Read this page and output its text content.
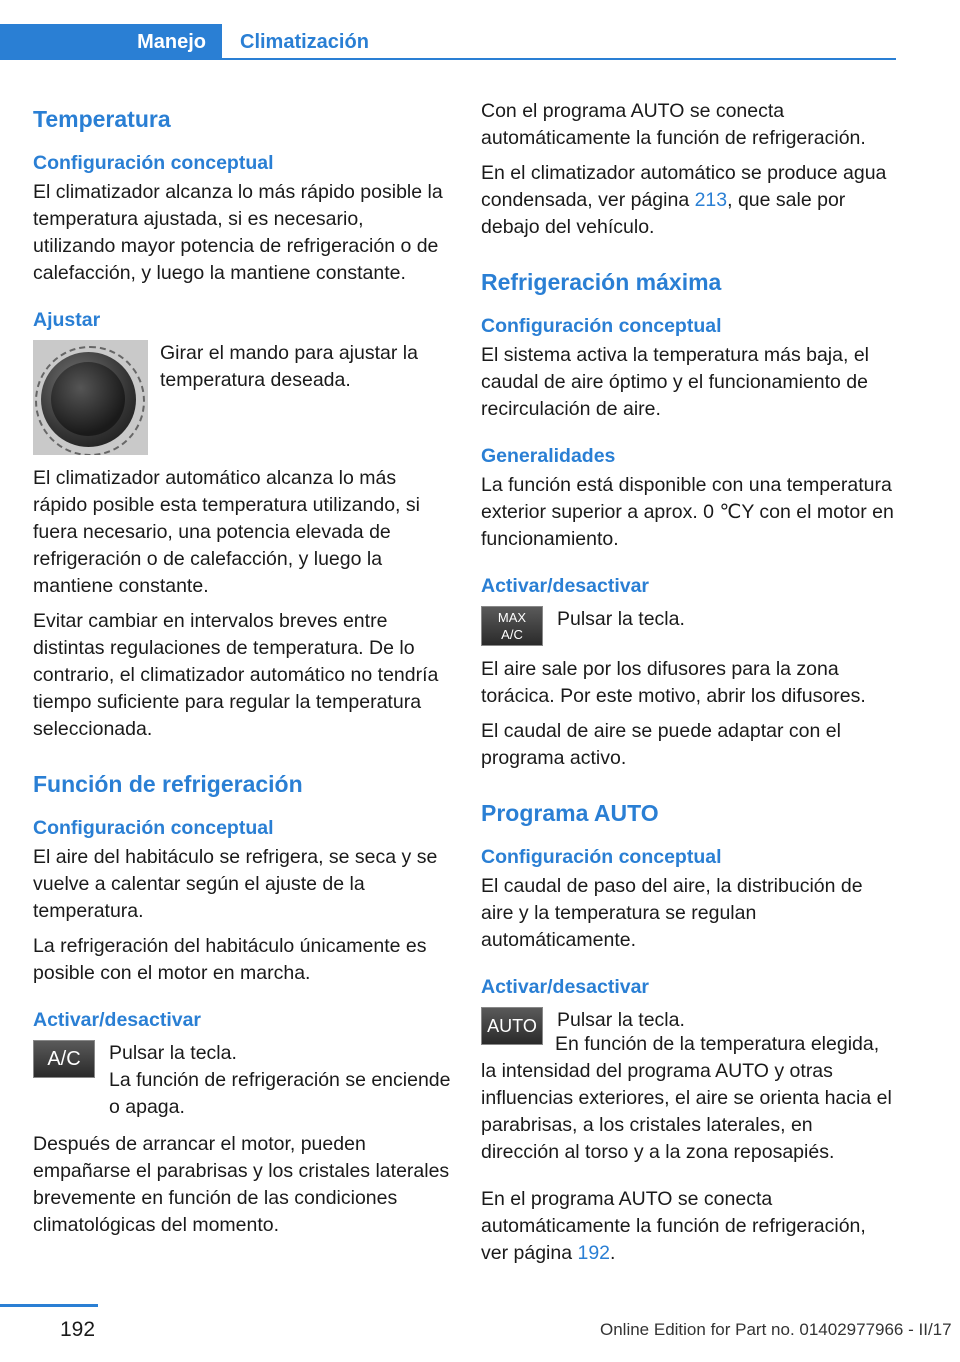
Manejo	Climatización
Temperatura
Configuración conceptual
El climatizador alcanza lo más rápido posible la temperatura ajustada, si es necesario, utilizando mayor potencia de refrigeración o de calefacción, y luego la mantiene constante.
Ajustar
Girar el mando para ajustar la temperatura deseada.
El climatizador automático alcanza lo más rápido posible esta temperatura utilizando, si fuera necesario, una potencia elevada de refrigeración o de calefacción, y luego la mantiene constante.
Evitar cambiar en intervalos breves entre distintas regulaciones de temperatura. De lo contrario, el climatizador automático no tendría tiempo suficiente para regular la temperatura seleccionada.
Función de refrigeración
Configuración conceptual
El aire del habitáculo se refrigera, se seca y se vuelve a calentar según el ajuste de la temperatura.
La refrigeración del habitáculo únicamente es posible con el motor en marcha.
Activar/desactivar
A/C	Pulsar la tecla.
La función de refrigeración se enciende o apaga.
Después de arrancar el motor, pueden empañarse el parabrisas y los cristales laterales brevemente en función de las condiciones climatológicas del momento.
Con el programa AUTO se conecta automáticamente la función de refrigeración.
En el climatizador automático se produce agua condensada, ver página 213, que sale por debajo del vehículo.
Refrigeración máxima
Configuración conceptual
El sistema activa la temperatura más baja, el caudal de aire óptimo y el funcionamiento de recirculación de aire.
Generalidades
La función está disponible con una temperatura exterior superior a aprox. 0 ℃Y con el motor en funcionamiento.
Activar/desactivar
MAX
A/C
Pulsar la tecla.
El aire sale por los difusores para la zona torácica. Por este motivo, abrir los difusores.
El caudal de aire se puede adaptar con el programa activo.
Programa AUTO
Configuración conceptual
El caudal de paso del aire, la distribución de aire y la temperatura se regulan automáticamente.
Activar/desactivar
AUTO	Pulsar la tecla.
En función de la temperatura elegida, la intensidad del programa AUTO y otras influencias exteriores, el aire se orienta hacia el parabrisas, a los cristales laterales, en dirección al torso y a la zona reposapiés.
En el programa AUTO se conecta automáticamente la función de refrigeración, ver página 192.
192	Online Edition for Part no. 01402977966 - II/17
